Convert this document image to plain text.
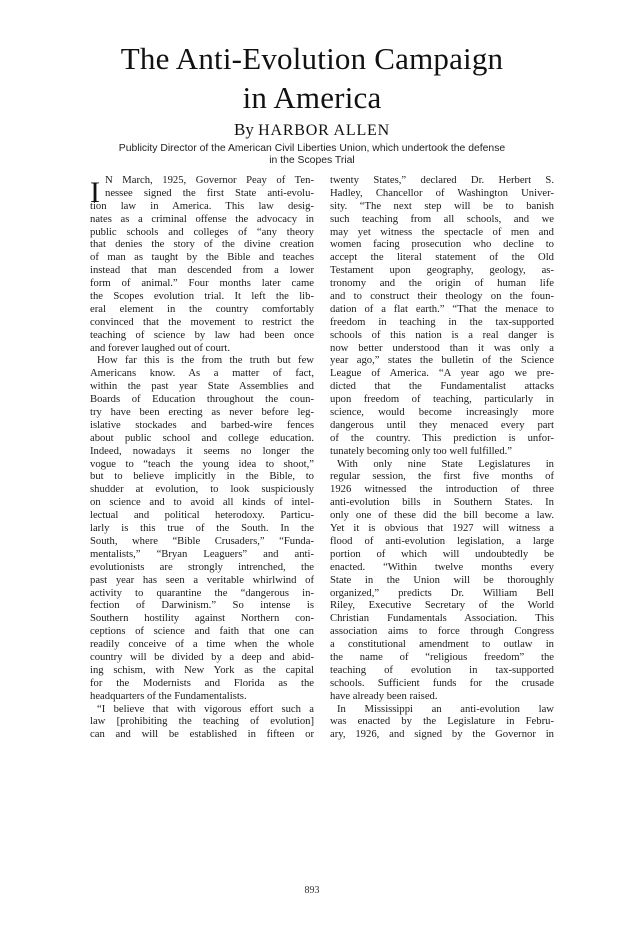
The Anti-Evolution Campaign
in America
By HARBOR ALLEN
Publicity Director of the American Civil Liberties Union, which undertook the defense
in the Scopes Trial
N March, 1925, Governor Peay of Ten-
nessee signed the first State anti-evolu-
tion law in America. This law desig-
nates as a criminal offense the advocacy in
public schools and colleges of “any theory
that denies the story of the divine creation
of man as taught by the Bible and teaches
instead that man descended from a lower
form of animal.” Four months later came
the Scopes evolution trial. It left the lib-
eral element in the country comfortably
convinced that the movement to restrict the
teaching of science by law had been once
and forever laughed out of court.
How far this is the from the truth but few
Americans know. As a matter of fact,
within the past year State Assemblies and
Boards of Education throughout the coun-
try have been erecting as never before leg-
islative stockades and barbed-wire fences
about public school and college education.
Indeed, nowadays it seems no longer the
vogue to “teach the young idea to shoot,”
but to believe implicitly in the Bible, to
shudder at evolution, to look suspiciously
on science and to avoid all kinds of intel-
lectual and political heterodoxy. Particu-
larly is this true of the South. In the
South, where “Bible Crusaders,” “Funda-
mentalists,” “Bryan Leaguers” and anti-
evolutionists are strongly intrenched, the
past year has seen a veritable whirlwind of
activity to quarantine the “dangerous in-
fection of Darwinism.” So intense is
Southern hostility against Northern con-
ceptions of science and faith that one can
readily conceive of a time when the whole
country will be divided by a deep and abid-
ing schism, with New York as the capital
for the Modernists and Florida as the
headquarters of the Fundamentalists.
“I believe that with vigorous effort such a
law [prohibiting the teaching of evolution]
can and will be established in fifteen or
I	twenty States,” declared Dr. Herbert S.
Hadley, Chancellor of Washington Univer-
sity. “The next step will be to banish
such teaching from all schools, and we
may yet witness the spectacle of men and
women facing prosecution who decline to
accept the literal statement of the Old
Testament upon geography, geology, as-
tronomy and the origin of human life
and to construct their theology on the foun-
dation of a flat earth.” “That the menace to
freedom in teaching in the tax-supported
schools of this nation is a real danger is
now better understood than it was only a
year ago,” states the bulletin of the Science
League of America. “A year ago we pre-
dicted that the Fundamentalist attacks
upon freedom of teaching, particularly in
science, would become increasingly more
dangerous until they menaced every part
of the country. This prediction is unfor-
tunately becoming only too well fulfilled.”
With only nine State Legislatures in
regular session, the first five months of
1926 witnessed the introduction of three
anti-evolution bills in Southern States. In
only one of these did the bill become a law.
Yet it is obvious that 1927 will witness a
flood of anti-evolution legislation, a large
portion of which will undoubtedly be
enacted. “Within twelve months every
State in the Union will be thoroughly
organized,” predicts Dr. William Bell
Riley, Executive Secretary of the World
Christian Fundamentals Association. This
association aims to force through Congress
a constitutional amendment to outlaw in
the name of “religious freedom” the
teaching of evolution in tax-supported
schools. Sufficient funds for the crusade
have already been raised.
In Mississippi an anti-evolution law
was enacted by the Legislature in Febru-
ary, 1926, and signed by the Governor in
893
